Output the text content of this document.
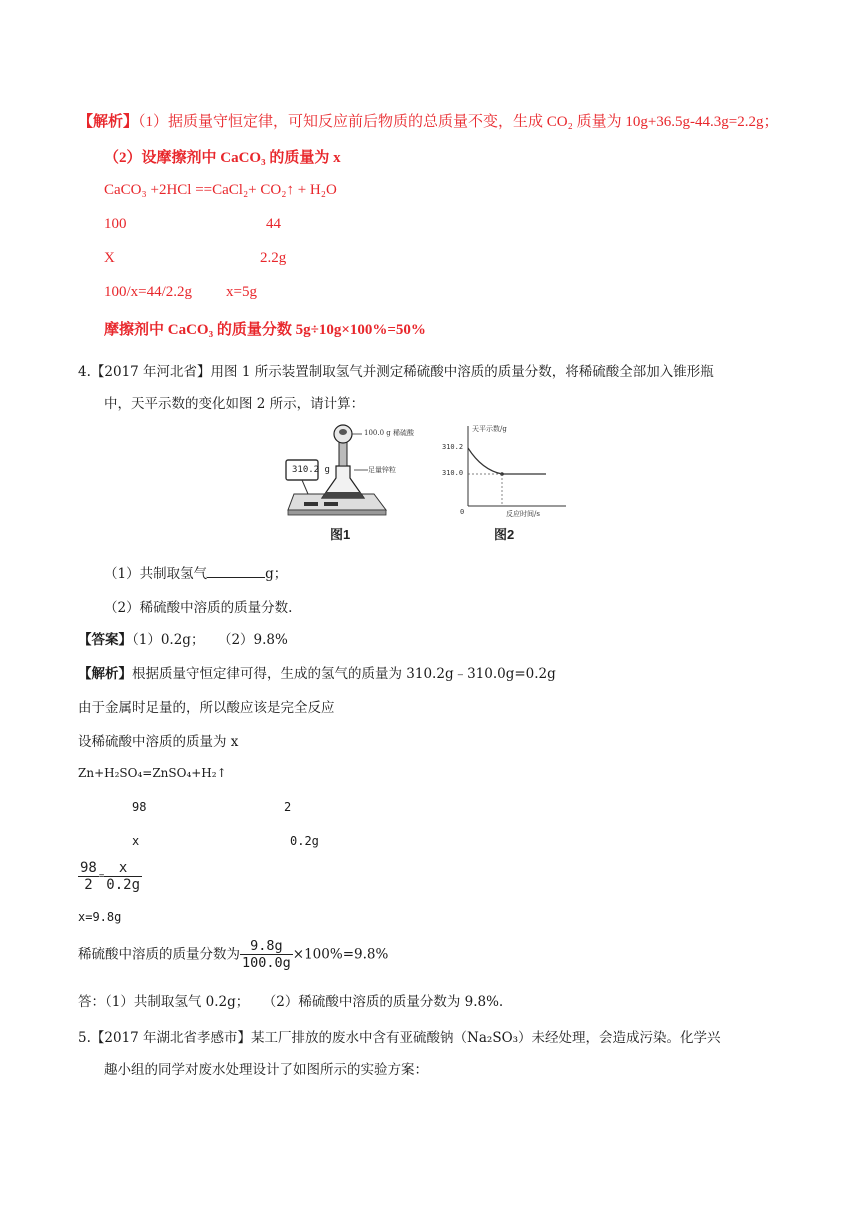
【解析】（1）据质量守恒定律，可知反应前后物质的总质量不变，生成 CO₂ 质量为 10g+36.5g-44.3g=2.2g；
（2）设摩擦剂中 CaCO₃ 的质量为 x
CaCO₃ +2HCl ==CaCl₂+ CO₂↑ + H₂O
100	44
X	2.2g
100/x=44/2.2g x=5g
摩擦剂中 CaCO₃ 的质量分数 5g÷10g×100%=50%
4.【2017 年河北省】用图 1 所示装置制取氢气并测定稀硫酸中溶质的质量分数，将稀硫酸全部加入锥形瓶
中，天平示数的变化如图 2 所示，请计算：
310.2 g
100.0 g 稀硫酸
足量锌粒
图1
天平示数/g
310.2
310.0
0	反应时间/s
图2
（1）共制取氢气	g；
（2）稀硫酸中溶质的质量分数.
【答案】（1）0.2g；　　（2）9.8%
【解析】根据质量守恒定律可得，生成的氢气的质量为 310.2g﹣310.0g=0.2g
由于金属时足量的，所以酸应该是完全反应
设稀硫酸中溶质的质量为 x
Zn+H₂SO₄=ZnSO₄+H₂↑
98	2
x	0.2g
$\frac{98}{2} = \frac{x}{0.2g}$
x=9.8g
稀硫酸中溶质的质量分数为 $\frac{9.8g}{100.0g} \times 100\%=9.8\%$
答：（1）共制取氢气 0.2g；　　（2）稀硫酸中溶质的质量分数为 9.8%.
5.【2017 年湖北省孝感市】某工厂排放的废水中含有亚硫酸钠（Na₂SO₃）未经处理，会造成污染。化学兴
趣小组的同学对废水处理设计了如图所示的实验方案：
